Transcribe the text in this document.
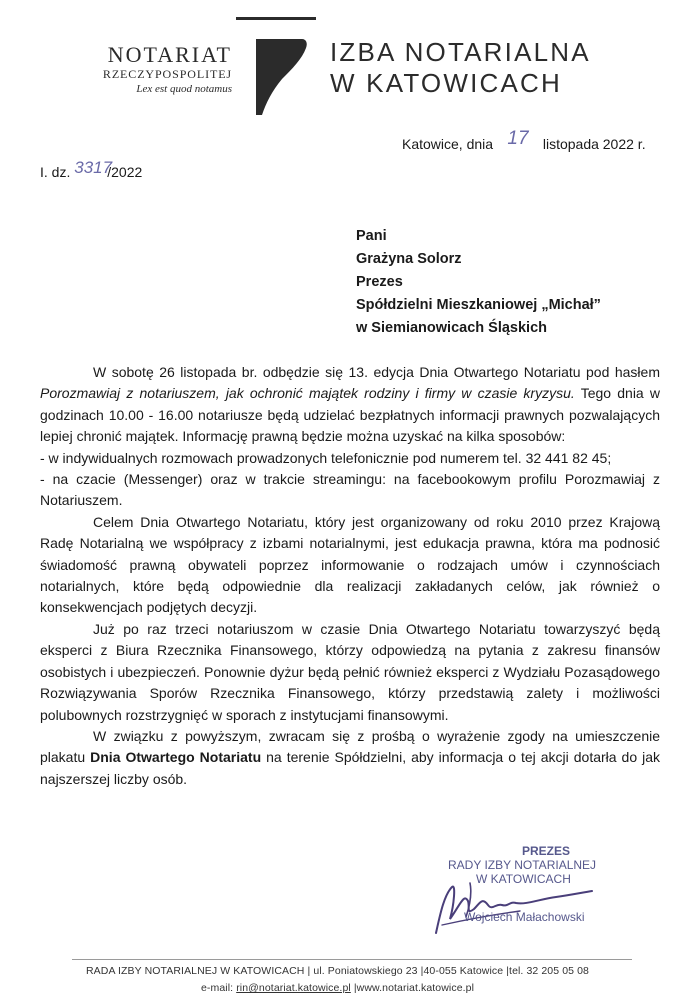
NOTARIAT
RZECZYPOSPOLITEJ
Lex est quod notamus
IZBA NOTARIALNA
W KATOWICACH
Katowice, dnia 17 listopada 2022 r.
I. dz. 3317/2022
Pani
Grażyna Solorz
Prezes
Spółdzielni Mieszkaniowej „Michał”
w Siemianowicach Śląskich

W sobotę 26 listopada br. odbędzie się 13. edycja Dnia Otwartego Notariatu pod hasłem Porozmawiaj z notariuszem, jak ochronić majątek rodziny i firmy w czasie kryzysu. Tego dnia w godzinach 10.00 - 16.00 notariusze będą udzielać bezpłatnych informacji prawnych pozwalających lepiej chronić majątek. Informację prawną będzie można uzyskać na kilka sposobów:

- w indywidualnych rozmowach prowadzonych telefonicznie pod numerem tel. 32 441 82 45;

- na czacie (Messenger) oraz w trakcie streamingu: na facebookowym profilu Porozmawiaj z Notariuszem.

Celem Dnia Otwartego Notariatu, który jest organizowany od roku 2010 przez Krajową Radę Notarialną we współpracy z izbami notarialnymi, jest edukacja prawna, która ma podnosić świadomość prawną obywateli poprzez informowanie o rodzajach umów i czynnościach notarialnych, które będą odpowiednie dla realizacji zakładanych celów, jak również o konsekwencjach podjętych decyzji.

Już po raz trzeci notariuszom w czasie Dnia Otwartego Notariatu towarzyszyć będą eksperci z Biura Rzecznika Finansowego, którzy odpowiedzą na pytania z zakresu finansów osobistych i ubezpieczeń. Ponownie dyżur będą pełnić również eksperci z Wydziału Pozasądowego Rozwiązywania Sporów Rzecznika Finansowego, którzy przedstawią zalety i możliwości polubownych rozstrzygnięć w sporach z instytucjami finansowymi.

W związku z powyższym, zwracam się z prośbą o wyrażenie zgody na umieszczenie plakatu Dnia Otwartego Notariatu na terenie Spółdzielni, aby informacja o tej akcji dotarła do jak najszerszej liczby osób.

PREZES
RADY IZBY NOTARIALNEJ
W KATOWICACH
Wojciech Małachowski
RADA IZBY NOTARIALNEJ W KATOWICACH | ul. Poniatowskiego 23 |40-055 Katowice |tel. 32 205 05 08
e-mail: rin@notariat.katowice.pl |www.notariat.katowice.pl
